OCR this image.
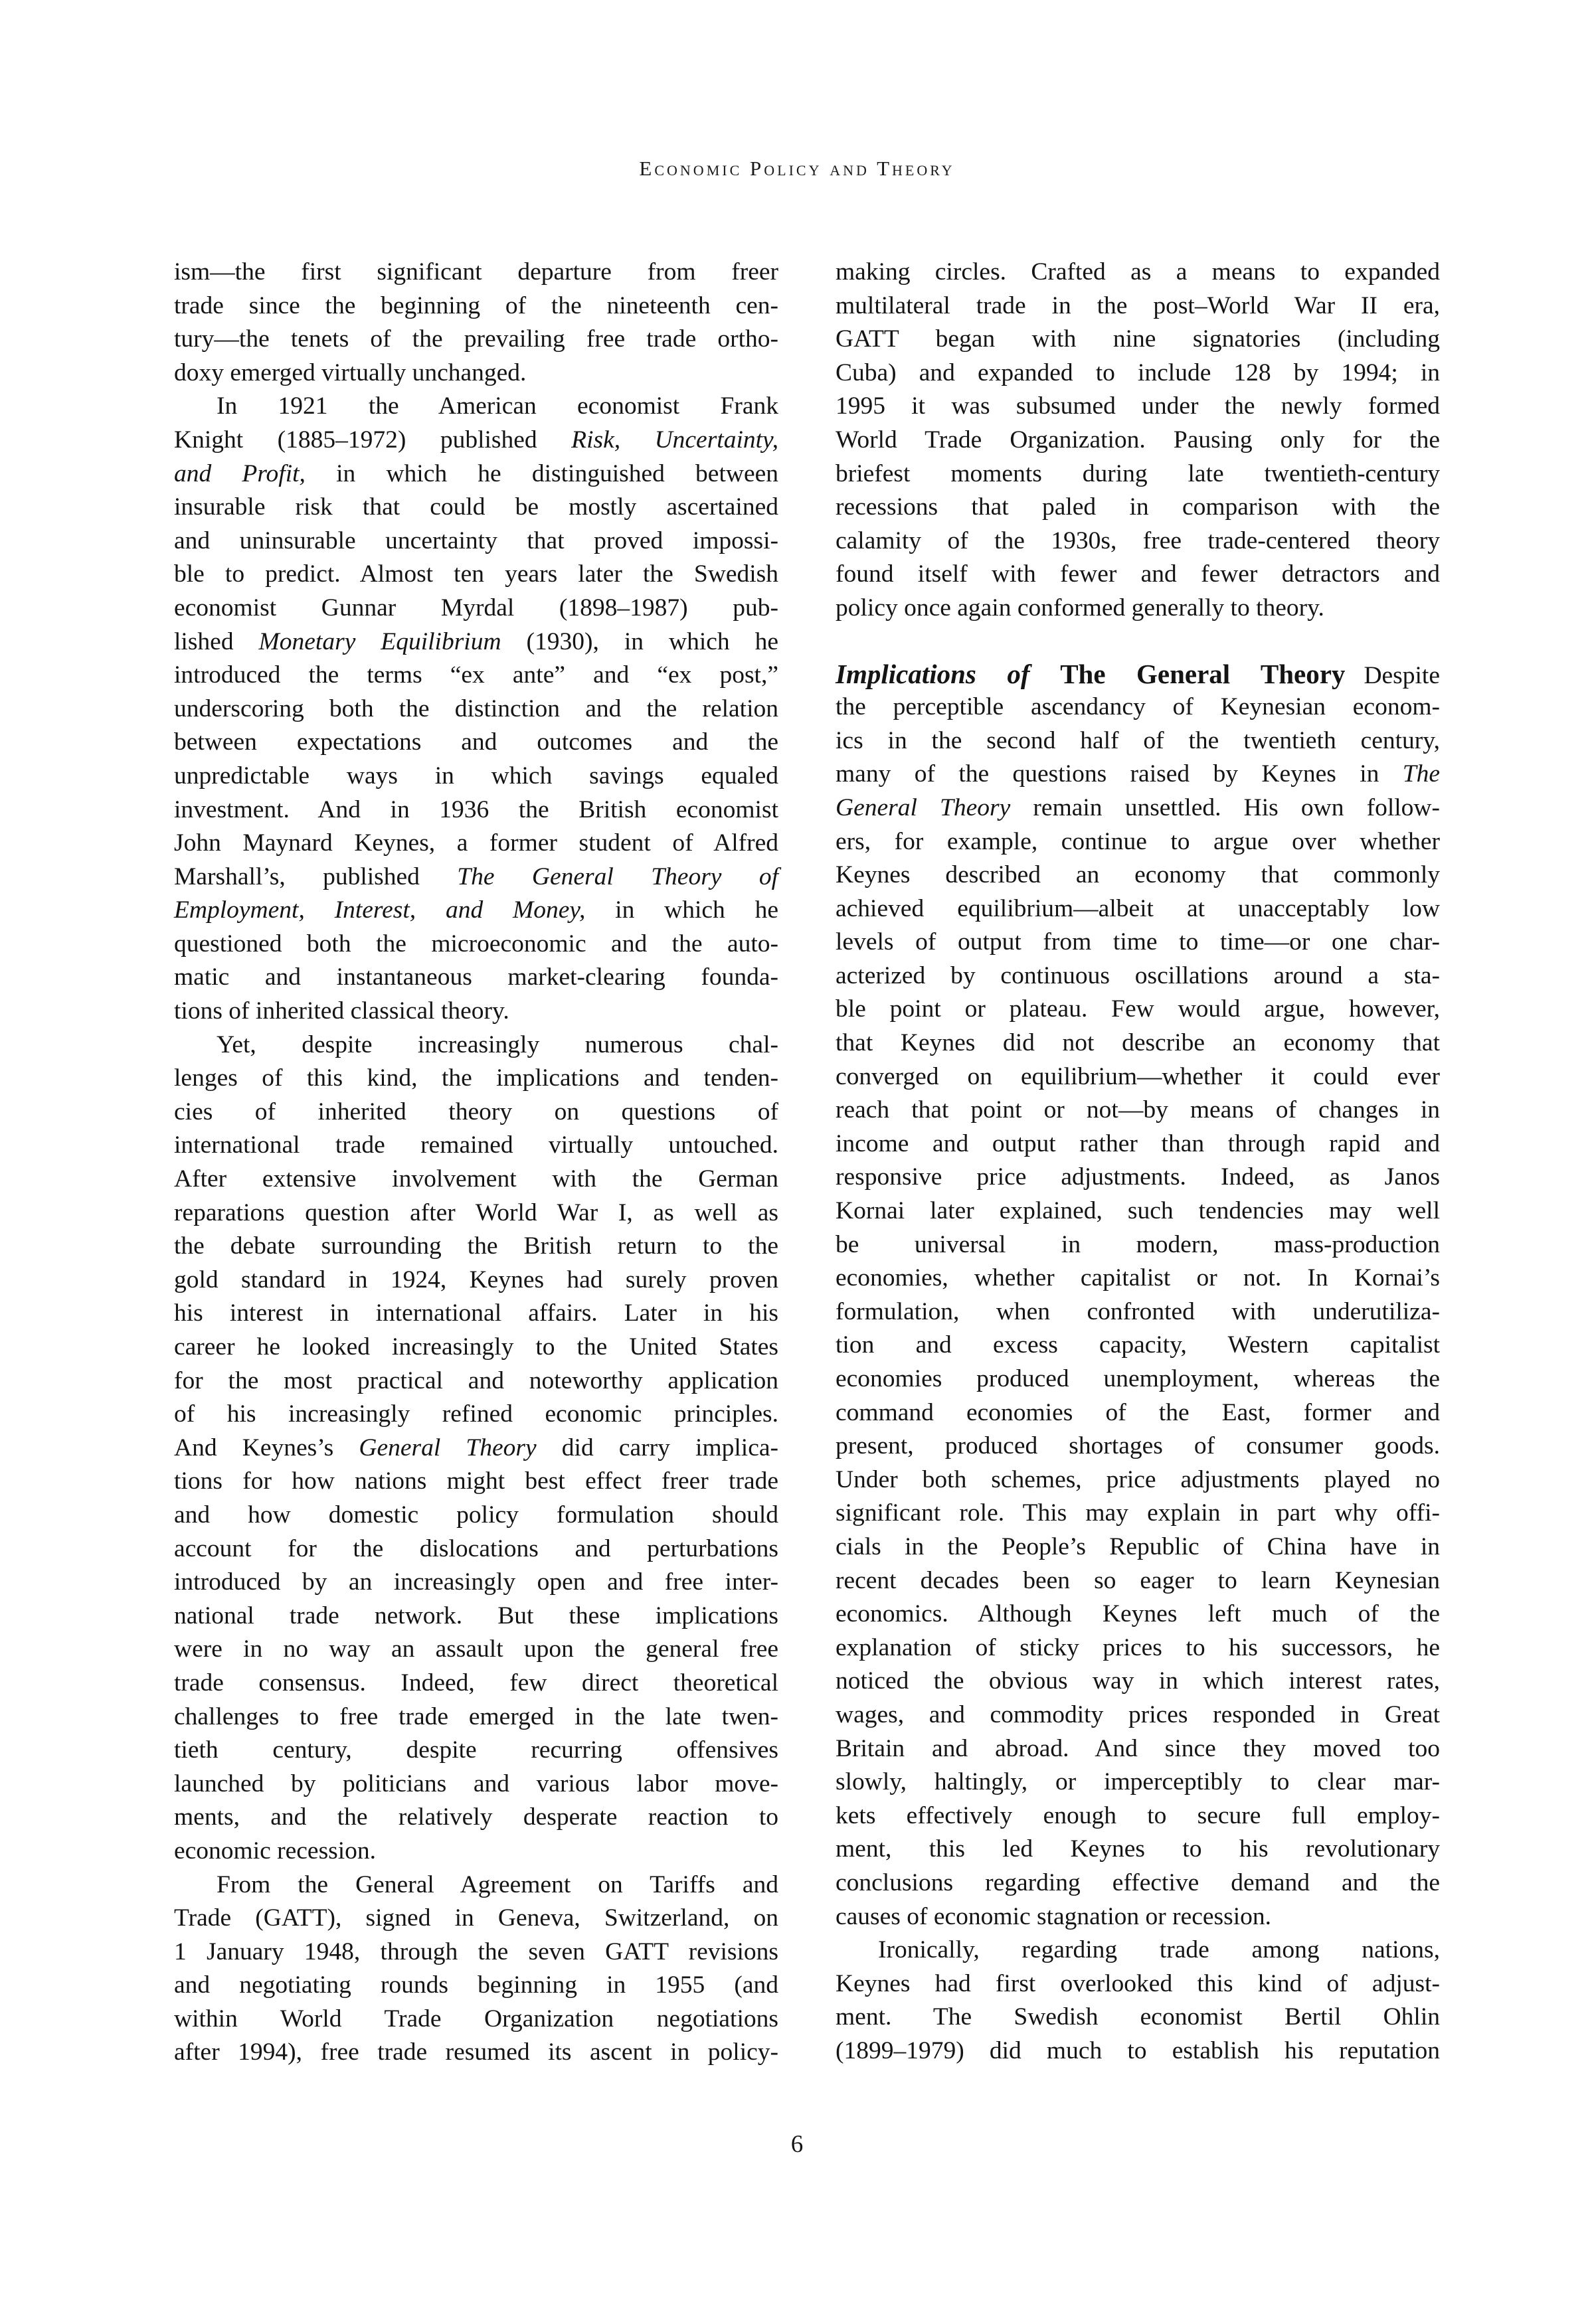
Economic Policy and Theory
ism—the first significant departure from freer
trade since the beginning of the nineteenth cen-
tury—the tenets of the prevailing free trade ortho-
doxy emerged virtually unchanged.
In 1921 the American economist Frank
Knight (1885–1972) published Risk, Uncertainty,
and Profit, in which he distinguished between
insurable risk that could be mostly ascertained
and uninsurable uncertainty that proved impossi-
ble to predict. Almost ten years later the Swedish
economist Gunnar Myrdal (1898–1987) pub-
lished Monetary Equilibrium (1930), in which he
introduced the terms “ex ante” and “ex post,”
underscoring both the distinction and the relation
between expectations and outcomes and the
unpredictable ways in which savings equaled
investment. And in 1936 the British economist
John Maynard Keynes, a former student of Alfred
Marshall’s, published The General Theory of
Employment, Interest, and Money, in which he
questioned both the microeconomic and the auto-
matic and instantaneous market-clearing founda-
tions of inherited classical theory.
Yet, despite increasingly numerous chal-
lenges of this kind, the implications and tenden-
cies of inherited theory on questions of
international trade remained virtually untouched.
After extensive involvement with the German
reparations question after World War I, as well as
the debate surrounding the British return to the
gold standard in 1924, Keynes had surely proven
his interest in international affairs. Later in his
career he looked increasingly to the United States
for the most practical and noteworthy application
of his increasingly refined economic principles.
And Keynes’s General Theory did carry implica-
tions for how nations might best effect freer trade
and how domestic policy formulation should
account for the dislocations and perturbations
introduced by an increasingly open and free inter-
national trade network. But these implications
were in no way an assault upon the general free
trade consensus. Indeed, few direct theoretical
challenges to free trade emerged in the late twen-
tieth century, despite recurring offensives
launched by politicians and various labor move-
ments, and the relatively desperate reaction to
economic recession.
From the General Agreement on Tariffs and
Trade (GATT), signed in Geneva, Switzerland, on
1 January 1948, through the seven GATT revisions
and negotiating rounds beginning in 1955 (and
within World Trade Organization negotiations
after 1994), free trade resumed its ascent in policy-
making circles. Crafted as a means to expanded
multilateral trade in the post–World War II era,
GATT began with nine signatories (including
Cuba) and expanded to include 128 by 1994; in
1995 it was subsumed under the newly formed
World Trade Organization. Pausing only for the
briefest moments during late twentieth-century
recessions that paled in comparison with the
calamity of the 1930s, free trade-centered theory
found itself with fewer and fewer detractors and
policy once again conformed generally to theory.
Implications of The General Theory Despite
the perceptible ascendancy of Keynesian econom-
ics in the second half of the twentieth century,
many of the questions raised by Keynes in The
General Theory remain unsettled. His own follow-
ers, for example, continue to argue over whether
Keynes described an economy that commonly
achieved equilibrium—albeit at unacceptably low
levels of output from time to time—or one char-
acterized by continuous oscillations around a sta-
ble point or plateau. Few would argue, however,
that Keynes did not describe an economy that
converged on equilibrium—whether it could ever
reach that point or not—by means of changes in
income and output rather than through rapid and
responsive price adjustments. Indeed, as Janos
Kornai later explained, such tendencies may well
be universal in modern, mass-production
economies, whether capitalist or not. In Kornai’s
formulation, when confronted with underutiliza-
tion and excess capacity, Western capitalist
economies produced unemployment, whereas the
command economies of the East, former and
present, produced shortages of consumer goods.
Under both schemes, price adjustments played no
significant role. This may explain in part why offi-
cials in the People’s Republic of China have in
recent decades been so eager to learn Keynesian
economics. Although Keynes left much of the
explanation of sticky prices to his successors, he
noticed the obvious way in which interest rates,
wages, and commodity prices responded in Great
Britain and abroad. And since they moved too
slowly, haltingly, or imperceptibly to clear mar-
kets effectively enough to secure full employ-
ment, this led Keynes to his revolutionary
conclusions regarding effective demand and the
causes of economic stagnation or recession.
Ironically, regarding trade among nations,
Keynes had first overlooked this kind of adjust-
ment. The Swedish economist Bertil Ohlin
(1899–1979) did much to establish his reputation
6
